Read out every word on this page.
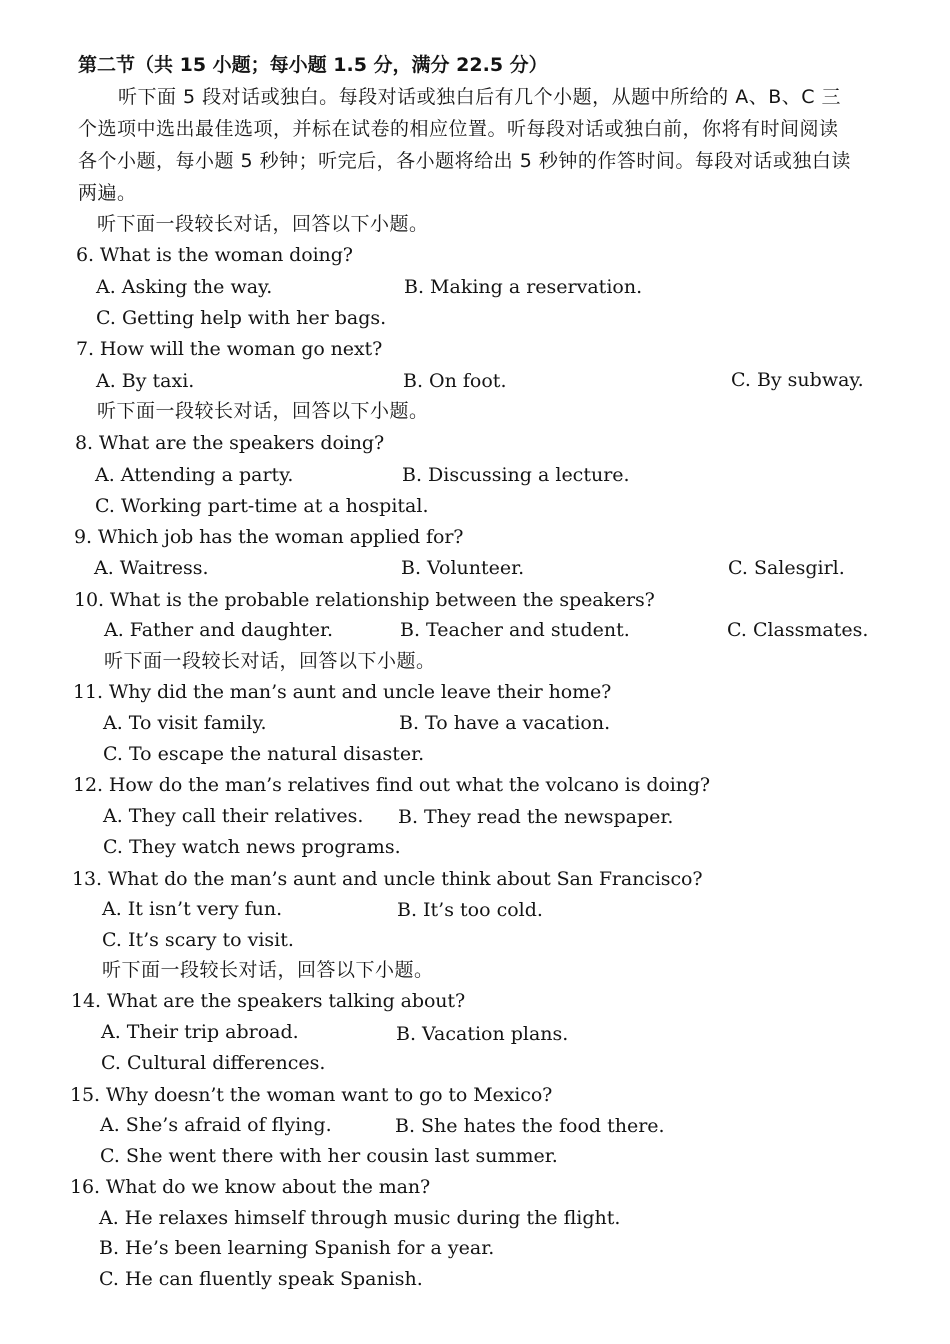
第二节（共 15 小题；每小题 1.5 分，满分 22.5 分）
听下面 5 段对话或独白。每段对话或独白后有几个小题，从题中所给的 A、B、C 三
个选项中选出最佳选项，并标在试卷的相应位置。听每段对话或独白前，你将有时间阅读
各个小题，每小题 5 秒钟；听完后，各小题将给出 5 秒钟的作答时间。每段对话或独白读
两遍。
听下面一段较长对话，回答以下小题。
6. What is the woman doing?
A. Asking the way.	B. Making a reservation.
C. Getting help with her bags.
7. How will the woman go next?
A. By taxi.	B. On foot.	C. By subway.
听下面一段较长对话，回答以下小题。
8. What are the speakers doing?
A. Attending a party.	B. Discussing a lecture.
C. Working part-time at a hospital.
9. Which job has the woman applied for?
A. Waitress.	B. Volunteer.	C. Salesgirl.
10. What is the probable relationship between the speakers?
A. Father and daughter.	B. Teacher and student.	C. Classmates.
听下面一段较长对话，回答以下小题。
11. Why did the man’s aunt and uncle leave their home?
A. To visit family.	B. To have a vacation.
C. To escape the natural disaster.
12. How do the man’s relatives find out what the volcano is doing?
A. They call their relatives. B. They read the newspaper.
C. They watch news programs.
13. What do the man’s aunt and uncle think about San Francisco?
A. It isn’t very fun.	B. It’s too cold.
C. It’s scary to visit.
听下面一段较长对话，回答以下小题。
14. What are the speakers talking about?
A. Their trip abroad.	B. Vacation plans.
C. Cultural differences.
15. Why doesn’t the woman want to go to Mexico?
A. She’s afraid of flying.	B. She hates the food there.
C. She went there with her cousin last summer.
16. What do we know about the man?
A. He relaxes himself through music during the flight.
B. He’s been learning Spanish for a year.
C. He can fluently speak Spanish.
